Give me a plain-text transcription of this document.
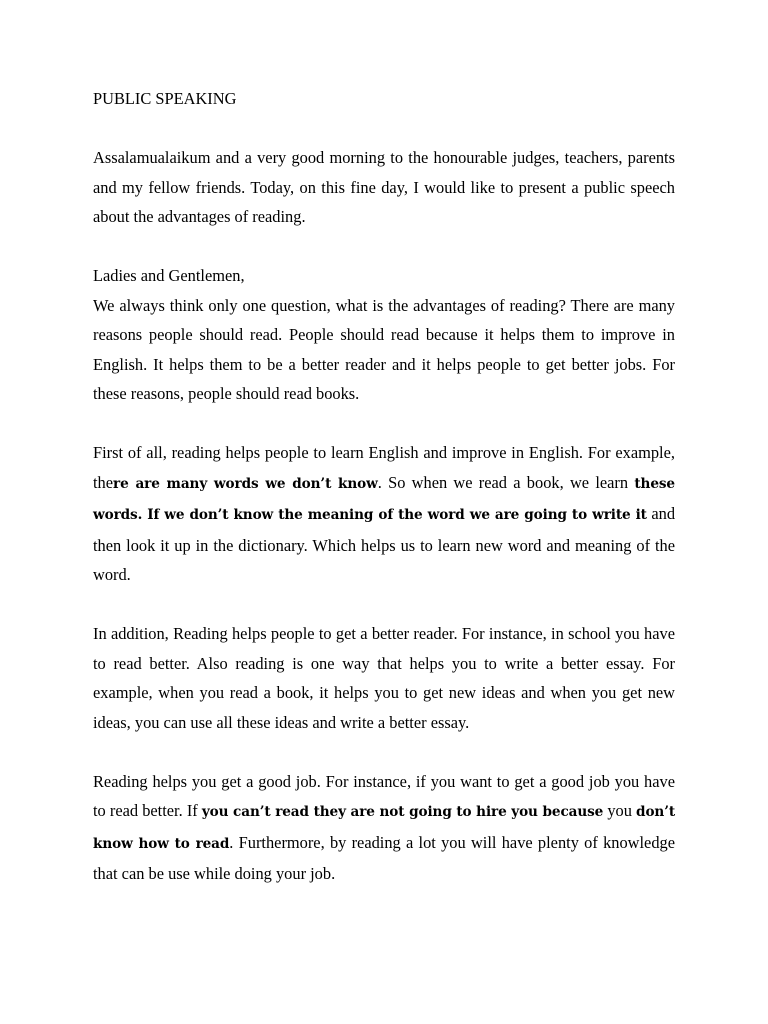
PUBLIC SPEAKING

Assalamualaikum and a very good morning to the honourable judges, teachers, parents and my fellow friends. Today, on this fine day, I would like to present a public speech about the advantages of reading.

Ladies and Gentlemen,

We always think only one question, what is the advantages of reading? There are many reasons people should read. People should read because it helps them to improve in English. It helps them to be a better reader and it helps people to get better jobs. For these reasons, people should read books.

First of all, reading helps people to learn English and improve in English. For example, there are many words we don’t know. So when we read a book, we learn these words. If we don’t know the meaning of the word we are going to write it and then look it up in the dictionary. Which helps us to learn new word and meaning of the word.

In addition, Reading helps people to get a better reader. For instance, in school you have to read better. Also reading is one way that helps you to write a better essay. For example, when you read a book, it helps you to get new ideas and when you get new ideas, you can use all these ideas and write a better essay.

Reading helps you get a good job. For instance, if you want to get a good job you have to read better. If you can’t read they are not going to hire you because you don’t know how to read. Furthermore, by reading a lot you will have plenty of knowledge that can be use while doing your job.
